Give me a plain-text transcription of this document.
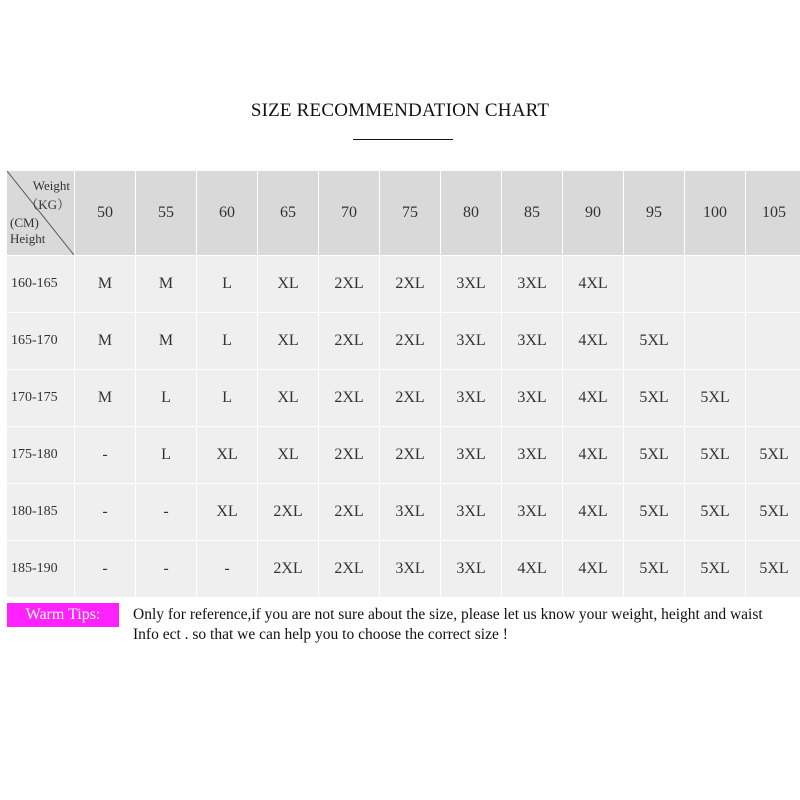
SIZE RECOMMENDATION CHART
Weight
（KG）
(CM)
Height
50	55	60	65	70	75	80	85	90	95	100	105
160-165	M	M	L	XL	2XL	2XL	3XL	3XL	4XL
165-170	M	M	L	XL	2XL	2XL	3XL	3XL	4XL	5XL
170-175	M	L	L	XL	2XL	2XL	3XL	3XL	4XL	5XL	5XL
175-180	-	L	XL	XL	2XL	2XL	3XL	3XL	4XL	5XL	5XL	5XL
180-185	-	-	XL	2XL	2XL	3XL	3XL	3XL	4XL	5XL	5XL	5XL
185-190	-	-	-	2XL	2XL	3XL	3XL	4XL	4XL	5XL	5XL	5XL
Warm Tips:	Only for reference,if you are not sure about the size, please let us know your weight, height and waist Info ect . so that we can help you to choose the correct size !
